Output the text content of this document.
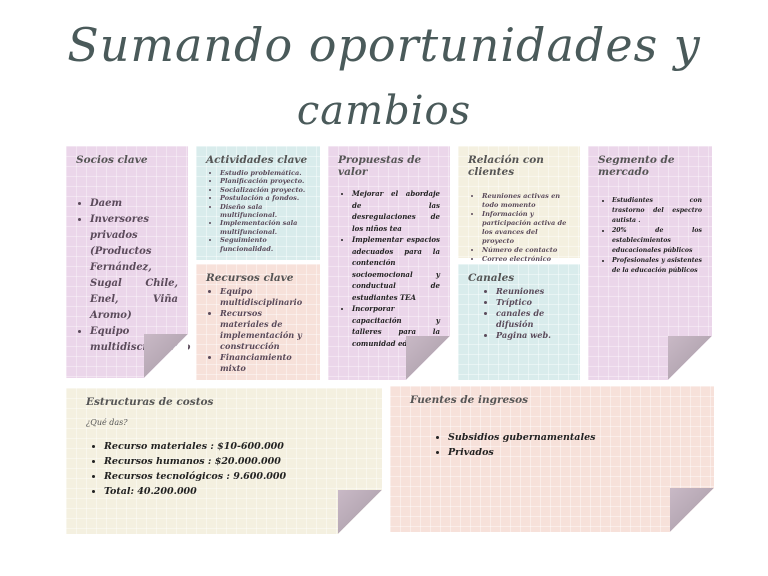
Sumando oportunidades y
cambios
Socios clave
• Daem
• Inversores privados (Productos Fernández, Sugal Chile, Enel, Viña Aromo)
• Equipo multidisciplinario
Actividades clave
• Estudio problemática.
• Planificación proyecto.
• Socialización proyecto.
• Postulación a fondos.
• Diseño sala multifuncional.
• Implementación sala multifuncional.
• Seguimiento funcionalidad.
Recursos clave
• Equipo multidisciplinario
• Recursos materiales de implementación y construcción
• Financiamiento mixto
Propuestas de valor
• Mejorar el abordaje de las desregulaciones de los niños tea
• Implementar espacios adecuados para la contención socioemocional y conductual de estudiantes TEA
• Incorporar capacitación y talleres para la comunidad educativa.
Relación con clientes
• Reuniones activas en todo momento
• Información y participación activa de los avances del proyecto
• Número de contacto
• Correo electrónico
Canales
• Reuniones
• Tríptico
• canales de difusión
• Pagina web.
Segmento de mercado
• Estudiantes con trastorno del espectro autista .
• 20% de los establecimientos educacionales públicos
• Profesionales y asistentes de la educación públicos
Estructuras de costos
¿Qué das?
• Recurso materiales : $10-600.000
• Recursos humanos : $20.000.000
• Recursos tecnológicos : 9.600.000
• Total: 40.200.000
Fuentes de ingresos
• Subsidios gubernamentales
• Privados
